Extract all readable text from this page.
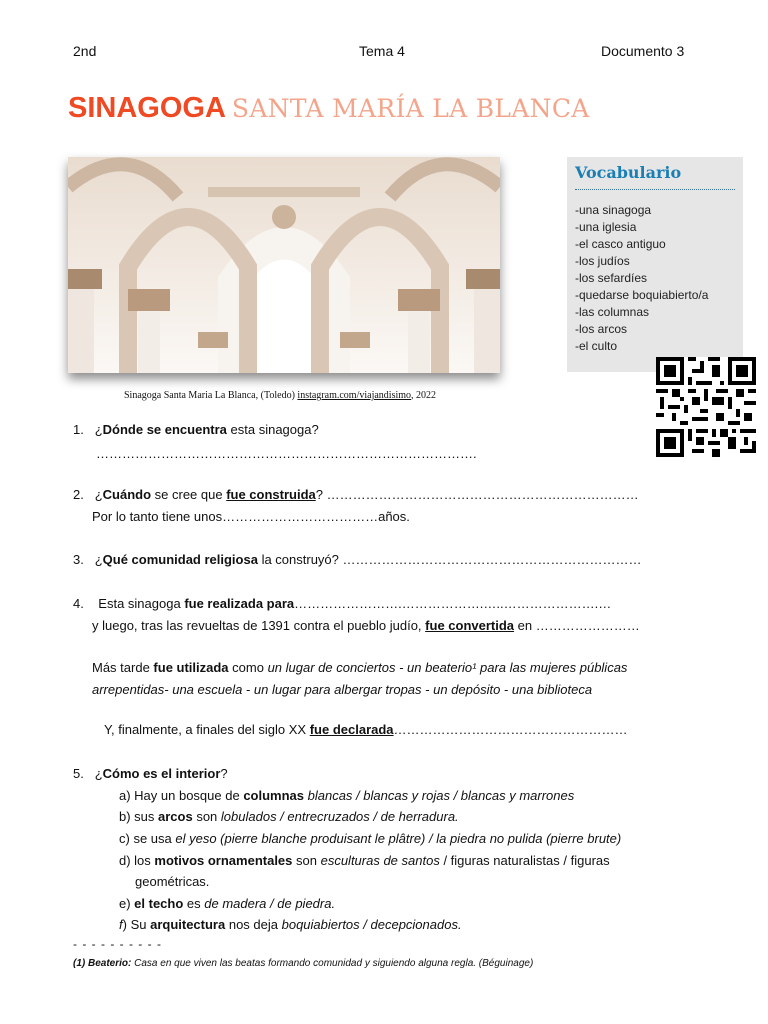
2nd	Tema 4	Documento 3
SINAGOGA SANTA MARÍA LA BLANCA
Sinagoga Santa Maria La Blanca, (Toledo) instagram.com/viajandisimo, 2022
Vocabulario
-una sinagoga
-una iglesia
-el casco antiguo
-los judíos
-los sefardíes
-quedarse boquiabierto/a
-las columnas
-los arcos
-el culto
1. ¿Dónde se encuentra esta sinagoga?
…………………………………………………………………………….
2. ¿Cuándo se cree que fue construida? ………………………………………………………………
Por lo tanto tiene unos………………………………años.
3. ¿Qué comunidad religiosa la construyó? ……………………………………………………………
4. Esta sinagoga fue realizada para…………………….……………….…..………………….…
y luego, tras las revueltas de 1391 contra el pueblo judío, fue convertida en ……………………
Más tarde fue utilizada como un lugar de conciertos - un beaterio¹ para las mujeres públicas
arrepentidas- una escuela - un lugar para albergar tropas - un depósito - una biblioteca
Y, finalmente, a finales del siglo XX fue declarada………………………………………………
5. ¿Cómo es el interior?
a) Hay un bosque de columnas blancas / blancas y rojas / blancas y marrones
b) sus arcos son lobulados / entrecruzados / de herradura.
c) se usa el yeso (pierre blanche produisant le plâtre) / la piedra no pulida (pierre brute)
d) los motivos ornamentales son esculturas de santos / figuras naturalistas / figuras
geométricas.
e) el techo es de madera / de piedra.
f) Su arquitectura nos deja boquiabiertos / decepcionados.
- - - - - - - - - -
(1) Beaterio: Casa en que viven las beatas formando comunidad y siguiendo alguna regla. (Béguinage)
